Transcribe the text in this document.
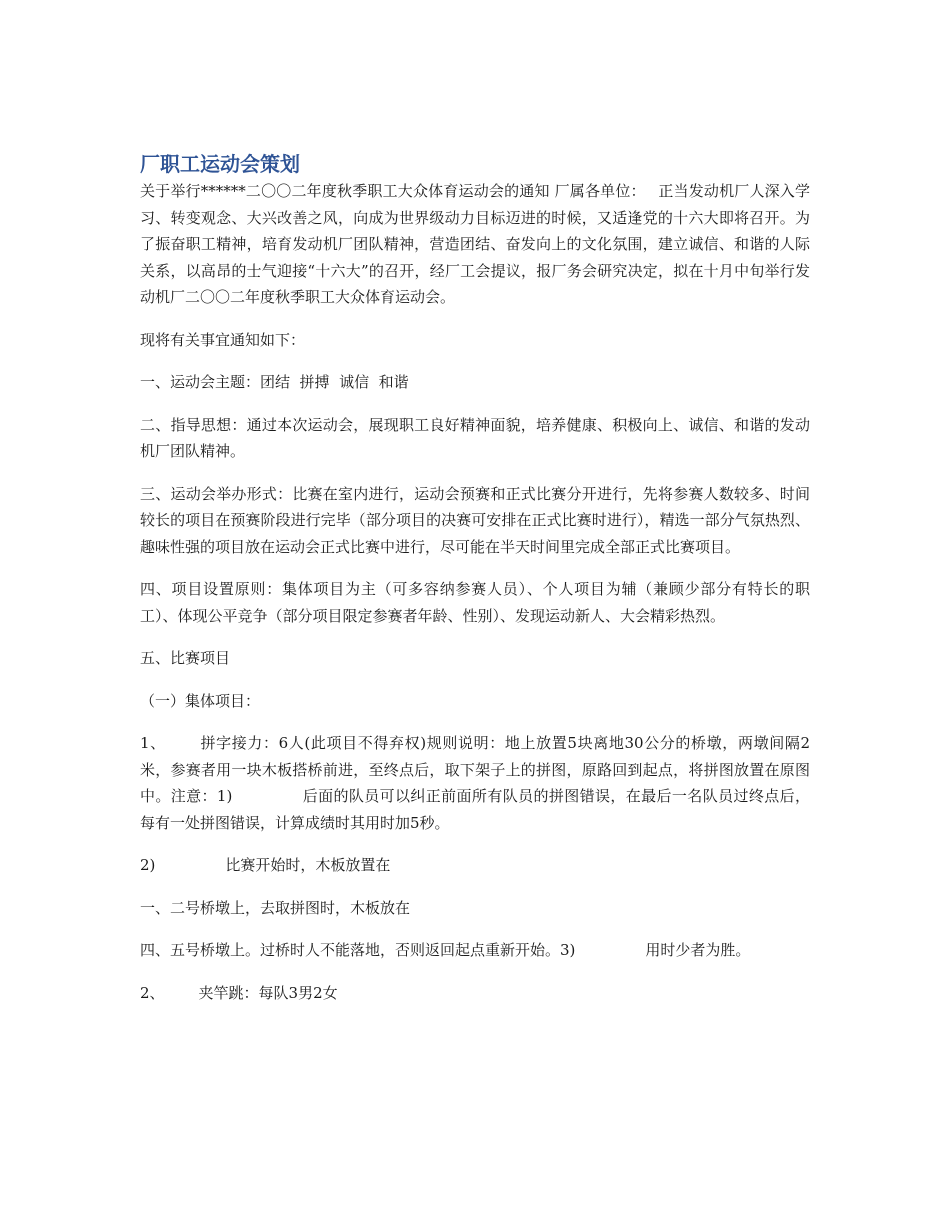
厂职工运动会策划

关于举行******二〇〇二年度秋季职工大众体育运动会的通知 厂属各单位：　 正当发动机厂人深入学习、转变观念、大兴改善之风，向成为世界级动力目标迈进的时候，又适逢党的十六大即将召开。为了振奋职工精神，培育发动机厂团队精神，营造团结、奋发向上的文化氛围，建立诚信、和谐的人际关系，以高昂的士气迎接“十六大”的召开，经厂工会提议，报厂务会研究决定，拟在十月中旬举行发动机厂二〇〇二年度秋季职工大众体育运动会。

现将有关事宜通知如下：

一、运动会主题：团结  拼搏  诚信  和谐

二、指导思想：通过本次运动会，展现职工良好精神面貌，培养健康、积极向上、诚信、和谐的发动机厂团队精神。

三、运动会举办形式：比赛在室内进行，运动会预赛和正式比赛分开进行，先将参赛人数较多、时间较长的项目在预赛阶段进行完毕（部分项目的决赛可安排在正式比赛时进行），精选一部分气氛热烈、趣味性强的项目放在运动会正式比赛中进行，尽可能在半天时间里完成全部正式比赛项目。

四、项目设置原则：集体项目为主（可多容纳参赛人员）、个人项目为辅（兼顾少部分有特长的职工）、体现公平竞争（部分项目限定参赛者年龄、性别）、发现运动新人、大会精彩热烈。

五、比赛项目

（一）集体项目：

1、 拼字接力：6人(此项目不得弃权)规则说明：地上放置5块离地30公分的桥墩，两墩间隔2米，参赛者用一块木板搭桥前进，至终点后，取下架子上的拼图，原路回到起点，将拼图放置在原图中。注意：1)	后面的队员可以纠正前面所有队员的拼图错误，在最后一名队员过终点后，每有一处拼图错误，计算成绩时其用时加5秒。

2)	比赛开始时，木板放置在

一、二号桥墩上，去取拼图时，木板放在

四、五号桥墩上。过桥时人不能落地，否则返回起点重新开始。3)	用时少者为胜。

2、 夹竿跳：每队3男2女
